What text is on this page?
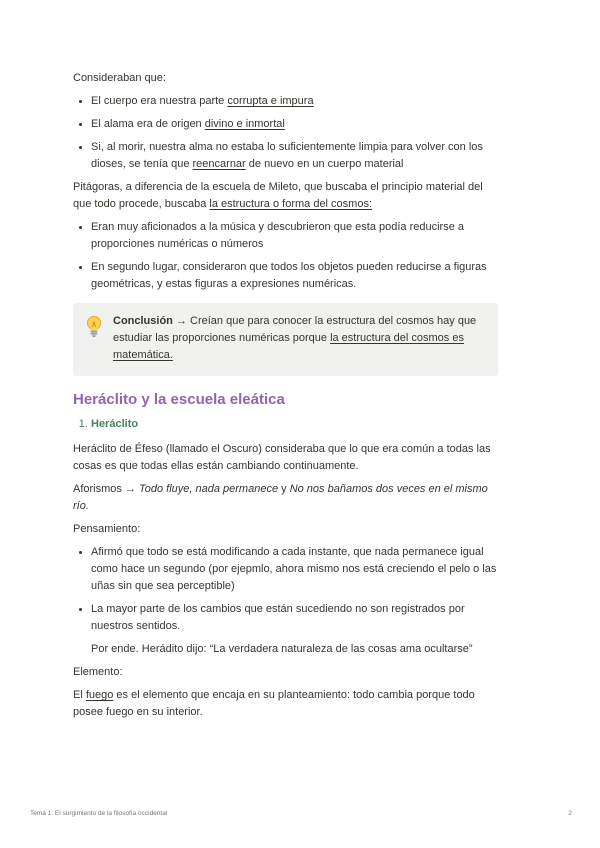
Consideraban que:

• El cuerpo era nuestra parte corrupta e impura
• El alama era de origen divino e inmortal
• Si, al morir, nuestra alma no estaba lo suficientemente limpia para volver con los dioses, se tenía que reencarnar de nuevo en un cuerpo material

Pitágoras, a diferencia de la escuela de Mileto, que buscaba el principio material del que todo procede, buscaba la estructura o forma del cosmos:

• Eran muy aficionados a la música y descubrieron que esta podía reducirse a proporciones numéricas o números
• En segundo lugar, consideraron que todos los objetos pueden reducirse a figuras geométricas, y estas figuras a expresiones numéricas.
Conclusión → Creían que para conocer la estructura del cosmos hay que estudiar las proporciones numéricas porque la estructura del cosmos es matemática.
Heráclito y la escuela eleática
1. Heráclito

Heráclito de Éfeso (llamado el Oscuro) consideraba que lo que era común a todas las cosas es que todas ellas están cambiando continuamente.

Aforismos → Todo fluye, nada permanece y No nos bañamos dos veces en el mismo río.

Pensamiento:

• Afirmó que todo se está modificando a cada instante, que nada permanece igual como hace un segundo (por ejepmlo, ahora mismo nos está creciendo el pelo o las uñas sin que sea perceptible)
• La mayor parte de los cambios que están sucediendo no son registrados por nuestros sentidos.

Por ende. Herádito dijo: “La verdadera naturaleza de las cosas ama ocultarse”

Elemento:

El fuego es el elemento que encaja en su planteamiento: todo cambia porque todo posee fuego en su interior.

Tema 1: El surgimiento de la filosofía occidental	2
